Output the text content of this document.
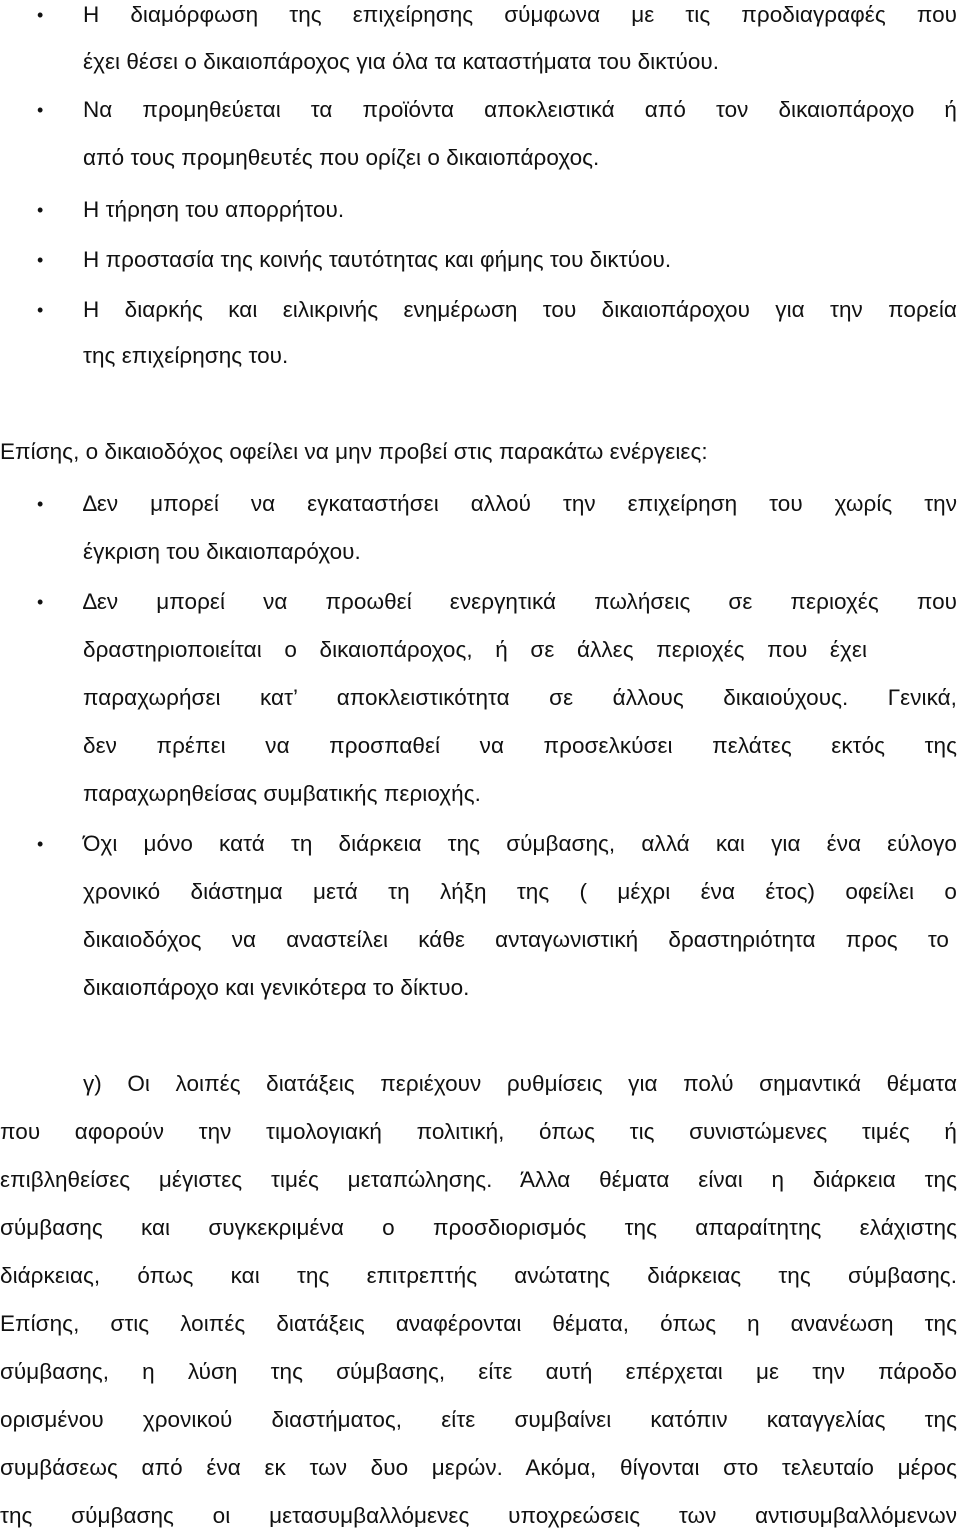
• Η διαμόρφωση της επιχείρησης σύμφωνα με τις προδιαγραφές που
έχει θέσει ο δικαιοπάροχος για όλα τα καταστήματα του δικτύου.
• Να προμηθεύεται τα προϊόντα αποκλειστικά από τον δικαιοπάροχο ή
από τους προμηθευτές που ορίζει ο δικαιοπάροχος.
• Η τήρηση του απορρήτου.
• Η προστασία της κοινής ταυτότητας και φήμης του δικτύου.
• Η διαρκής και ειλικρινής ενημέρωση του δικαιοπάροχου για την πορεία
της επιχείρησης του.
Επίσης, ο δικαιοδόχος οφείλει να μην προβεί στις παρακάτω ενέργειες:
• ∆εν μπορεί να εγκαταστήσει αλλού την επιχείρηση του χωρίς την
έγκριση του δικαιοπαρόχου.
• ∆εν μπορεί να προωθεί ενεργητικά πωλήσεις σε περιοχές που
δραστηριοποιείται ο δικαιοπάροχος, ή σε άλλες περιοχές που έχει
παραχωρήσει κατ’ αποκλειστικότητα σε άλλους δικαιούχους. Γενικά,
δεν πρέπει να προσπαθεί να προσελκύσει πελάτες εκτός της
παραχωρηθείσας συμβατικής περιοχής.
• Όχι μόνο κατά τη διάρκεια της σύμβασης, αλλά και για ένα εύλογο
χρονικό διάστημα μετά τη λήξη της ( μέχρι ένα έτος) οφείλει ο
δικαιοδόχος να αναστείλει κάθε ανταγωνιστική δραστηριότητα προς το
δικαιοπάροχο και γενικότερα το δίκτυο.
γ) Οι λοιπές διατάξεις περιέχουν ρυθμίσεις για πολύ σημαντικά θέματα
που αφορούν την τιμολογιακή πολιτική, όπως τις συνιστώμενες τιμές ή
επιβληθείσες μέγιστες τιμές μεταπώλησης. Άλλα θέματα είναι η διάρκεια της
σύμβασης και συγκεκριμένα ο προσδιορισμός της απαραίτητης ελάχιστης
διάρκειας, όπως και της επιτρεπτής ανώτατης διάρκειας της σύμβασης.
Επίσης, στις λοιπές διατάξεις αναφέρονται θέματα, όπως η ανανέωση της
σύμβασης, η λύση της σύμβασης, είτε αυτή επέρχεται με την πάροδο
ορισμένου χρονικού διαστήματος, είτε συμβαίνει κατόπιν καταγγελίας της
συμβάσεως από ένα εκ των δυο μερών. Ακόμα, θίγονται στο τελευταίο μέρος
της σύμβασης οι μετασυμβαλλόμενες υποχρεώσεις των αντισυμβαλλόμενων
